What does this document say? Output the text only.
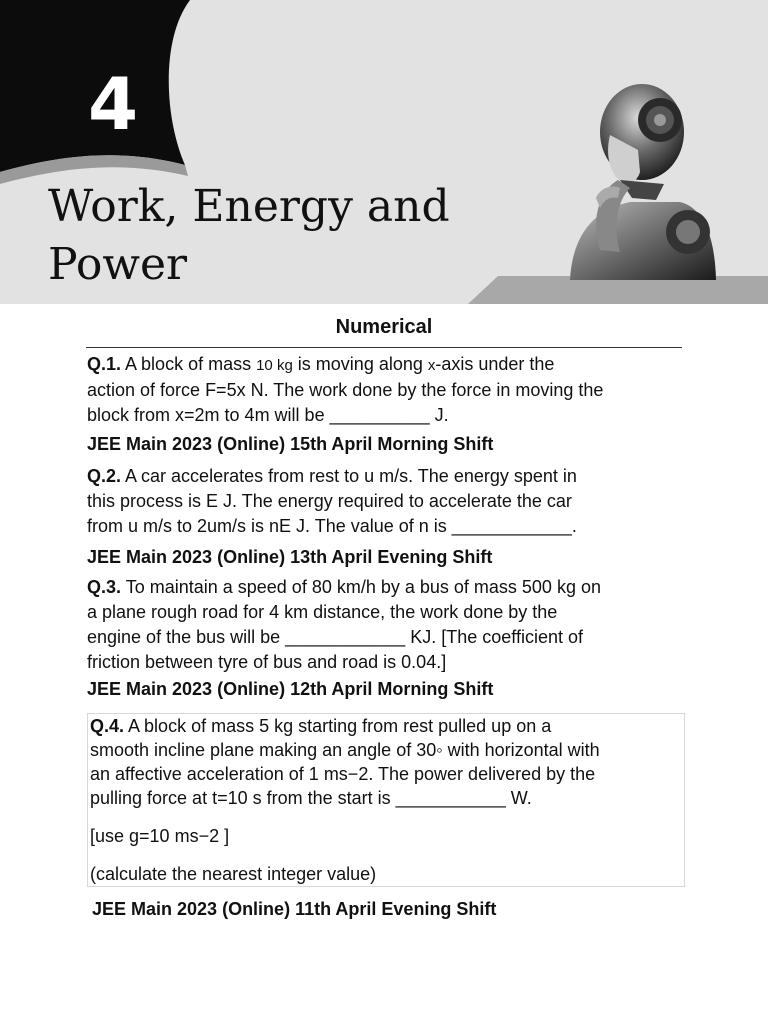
4
Work, Energy and
Power
Numerical
Q.1. A block of mass 10 kg is moving along x-axis under the
action of force F=5x N. The work done by the force in moving the
block from x=2m to 4m will be __________ J.
JEE Main 2023 (Online) 15th April Morning Shift
Q.2. A car accelerates from rest to u m/s. The energy spent in
this process is E J. The energy required to accelerate the car
from u m/s to 2um/s is nE J. The value of n is ____________.
JEE Main 2023 (Online) 13th April Evening Shift
Q.3. To maintain a speed of 80 km/h by a bus of mass 500 kg on
a plane rough road for 4 km distance, the work done by the
engine of the bus will be ____________ KJ. [The coefficient of
friction between tyre of bus and road is 0.04.]
JEE Main 2023 (Online) 12th April Morning Shift
Q.4. A block of mass 5 kg starting from rest pulled up on a
smooth incline plane making an angle of 30◦ with horizontal with
an affective acceleration of 1 ms−2. The power delivered by the
pulling force at t=10 s from the start is ___________ W.
[use g=10 ms−2 ]
(calculate the nearest integer value)
JEE Main 2023 (Online) 11th April Evening Shift
